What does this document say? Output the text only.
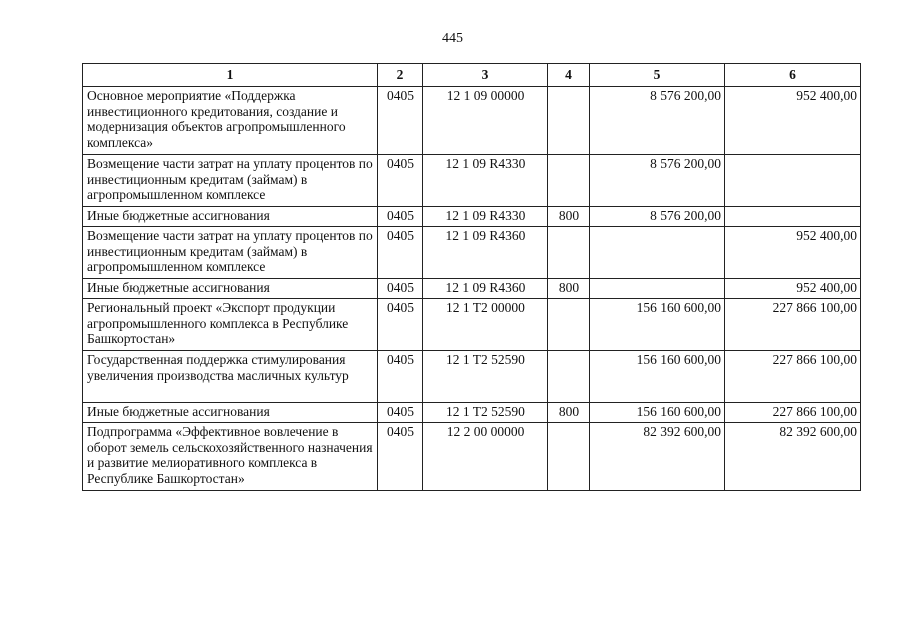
445
1	2	3	4	5	6
Основное мероприятие «Поддержка инвестиционного кредитования, создание и модернизация объектов агропромышленного комплекса»	0405	12 1 09 00000		8 576 200,00	952 400,00
Возмещение части затрат на уплату процентов по инвестиционным кредитам (займам) в агропромышленном комплексе	0405	12 1 09 R4330		8 576 200,00	
Иные бюджетные ассигнования	0405	12 1 09 R4330	800	8 576 200,00	
Возмещение части затрат на уплату процентов по инвестиционным кредитам (займам) в агропромышленном комплексе	0405	12 1 09 R4360			952 400,00
Иные бюджетные ассигнования	0405	12 1 09 R4360	800		952 400,00
Региональный проект «Экспорт продукции агропромышленного комплекса в Республике Башкортостан»	0405	12 1 T2 00000		156 160 600,00	227 866 100,00
Государственная поддержка стимулирования увеличения производства масличных культур	0405	12 1 T2 52590		156 160 600,00	227 866 100,00
Иные бюджетные ассигнования	0405	12 1 T2 52590	800	156 160 600,00	227 866 100,00
Подпрограмма «Эффективное вовлечение в оборот земель сельскохозяйственного назначения и развитие мелиоративного комплекса в Республике Башкортостан»	0405	12 2 00 00000		82 392 600,00	82 392 600,00
